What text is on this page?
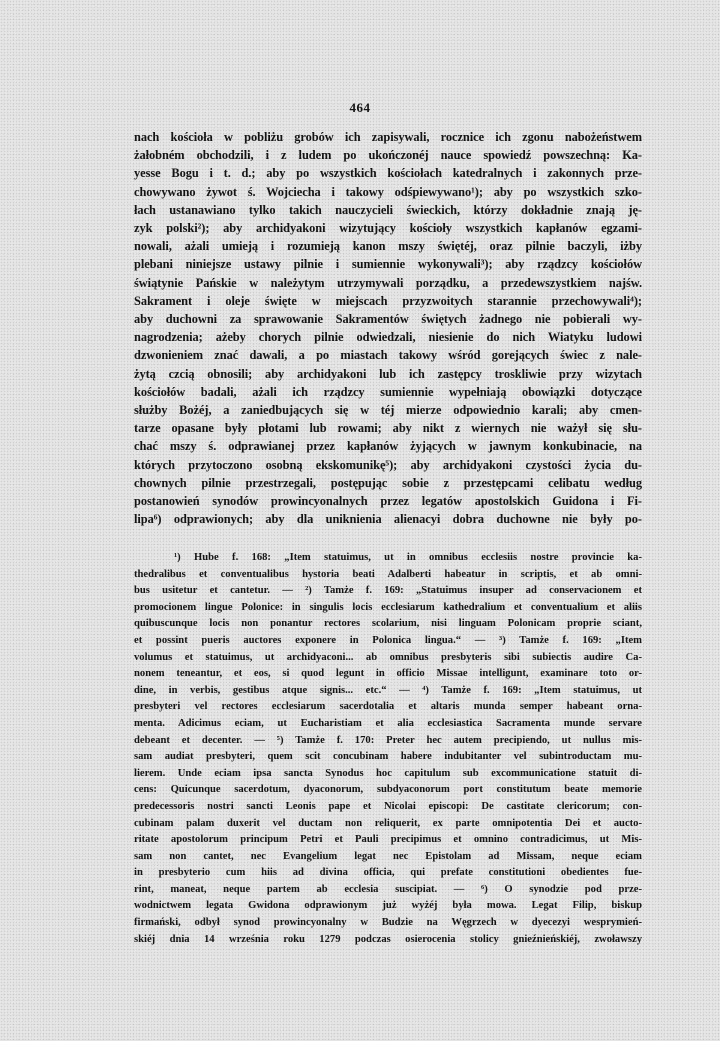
464
nach kościoła w pobliżu grobów ich zapisywali, rocznice ich zgonu nabożeństwem
żałobném obchodzili, i z ludem po ukończonéj nauce spowiedź powszechną: Ka-
yesse Bogu i t. d.; aby po wszystkich kościołach katedralnych i zakonnych prze-
chowywano żywot ś. Wojciecha i takowy odśpiewywano¹); aby po wszystkich szko-
łach ustanawiano tylko takich nauczycieli świeckich, którzy dokładnie znają ję-
zyk polski²); aby archidyakoni wizytujący kościoły wszystkich kapłanów egzami-
nowali, ażali umieją i rozumieją kanon mszy świętéj, oraz pilnie baczyli, iżby
plebani niniejsze ustawy pilnie i sumiennie wykonywali³); aby rządzcy kościołów
świątynie Pańskie w należytym utrzymywali porządku, a przedewszystkiem najśw.
Sakrament i oleje święte w miejscach przyzwoitych starannie przechowywali⁴);
aby duchowni za sprawowanie Sakramentów świętych żadnego nie pobierali wy-
nagrodzenia; ażeby chorych pilnie odwiedzali, niesienie do nich Wiatyku ludowi
dzwonieniem znać dawali, a po miastach takowy wśród gorejących świec z nale-
żytą czcią obnosili; aby archidyakoni lub ich zastępcy troskliwie przy wizytach
kościołów badali, ażali ich rządzcy sumiennie wypełniają obowiązki dotyczące
służby Bożéj, a zaniedbujących się w téj mierze odpowiednio karali; aby cmen-
tarze opasane były płotami lub rowami; aby nikt z wiernych nie ważył się słu-
chać mszy ś. odprawianej przez kapłanów żyjących w jawnym konkubinacie, na
których przytoczono osobną ekskomunikę⁵); aby archidyakoni czystości życia du-
chownych pilnie przestrzegali, postępując sobie z przestępcami celibatu według
postanowień synodów prowincyonalnych przez legatów apostolskich Guidona i Fi-
lipa⁶) odprawionych; aby dla uniknienia alienacyi dobra duchowne nie były po-
¹) Hube f. 168: „Item statuimus, ut in omnibus ecclesiis nostre provincie ka-
thedralibus et conventualibus hystoria beati Adalberti habeatur in scriptis, et ab omni-
bus usitetur et cantetur. — ²) Tamże f. 169: „Statuimus insuper ad conservacionem et
promocionem lingue Polonice: in singulis locis ecclesiarum kathedralium et conventualium et aliis
quibuscunque locis non ponantur rectores scolarium, nisi linguam Polonicam proprie sciant,
et possint pueris auctores exponere in Polonica lingua.“ — ³) Tamże f. 169: „Item
volumus et statuimus, ut archidyaconi... ab omnibus presbyteris sibi subiectis audire Ca-
nonem teneantur, et eos, si quod legunt in officio Missae intelligunt, examinare toto or-
dine, in verbis, gestibus atque signis... etc.“ — ⁴) Tamże f. 169: „Item statuimus, ut
presbyteri vel rectores ecclesiarum sacerdotalia et altaris munda semper habeant orna-
menta. Adicimus eciam, ut Eucharistiam et alia ecclesiastica Sacramenta munde servare
debeant et decenter. — ⁵) Tamże f. 170: Preter hec autem precipiendo, ut nullus mis-
sam audiat presbyteri, quem scit concubinam habere indubitanter vel subintroductam mu-
lierem. Unde eciam ipsa sancta Synodus hoc capitulum sub excommunicatione statuit di-
cens: Quicunque sacerdotum, dyaconorum, subdyaconorum port constitutum beate memorie
predecessoris nostri sancti Leonis pape et Nicolai episcopi: De castitate clericorum; con-
cubinam palam duxerit vel ductam non reliquerit, ex parte omnipotentia Dei et aucto-
ritate apostolorum principum Petri et Pauli precipimus et omnino contradicimus, ut Mis-
sam non cantet, nec Evangelium legat nec Epistolam ad Missam, neque eciam
in presbyterio cum hiis ad divina officia, qui prefate constitutioni obedientes fue-
rint, maneat, neque partem ab ecclesia suscipiat. — ⁶) O synodzie pod prze-
wodnictwem legata Gwidona odprawionym już wyżéj była mowa. Legat Filip, biskup
firmański, odbył synod prowincyonalny w Budzie na Węgrzech w dyecezyi wesprymień-
skiéj dnia 14 września roku 1279 podczas osierocenia stolicy gnieźnieńskiéj, zwoławszy
